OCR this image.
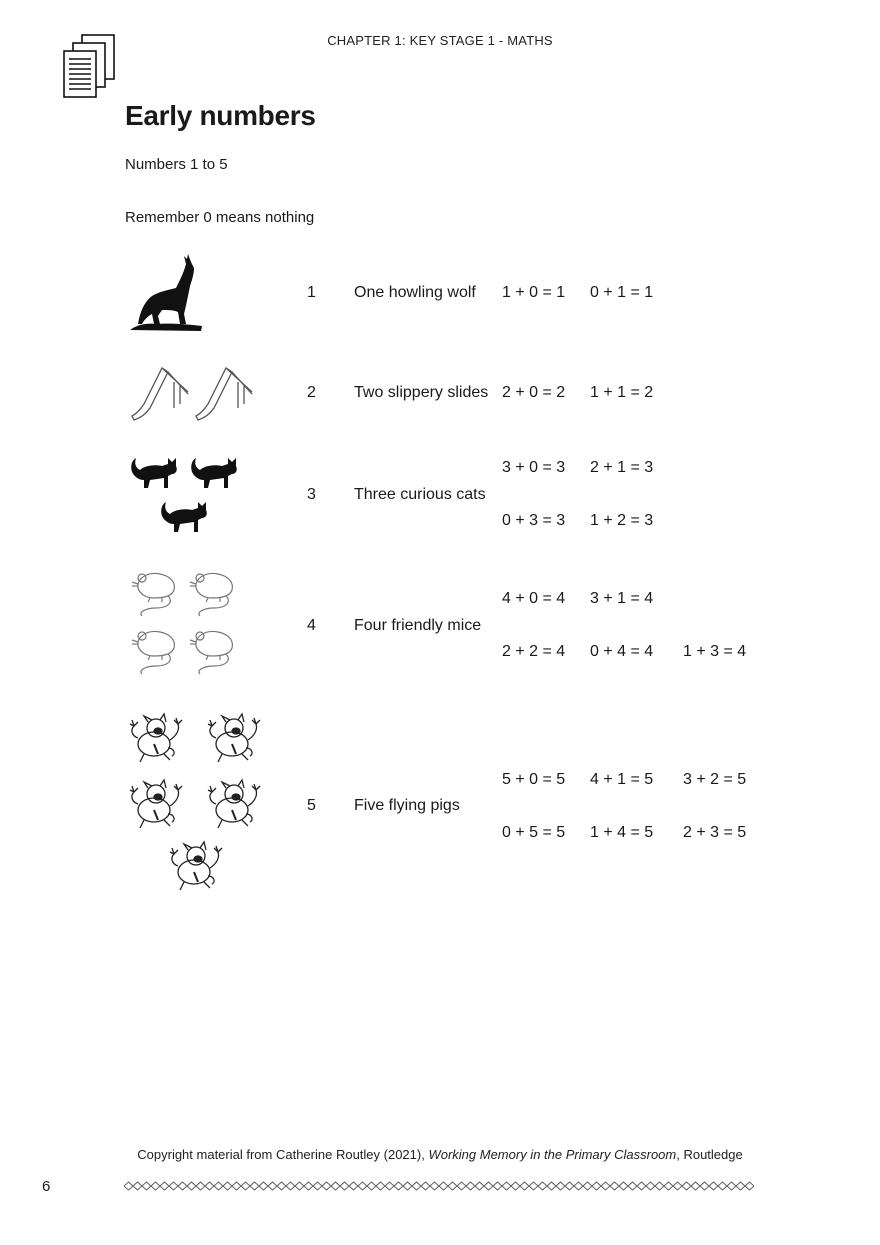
CHAPTER 1: KEY STAGE 1 - MATHS
Early numbers
Numbers 1 to 5
Remember 0 means nothing
1 One howling wolf 1 + 0 = 1 0 + 1 = 1
2 Two slippery slides 2 + 0 = 2 1 + 1 = 2
3 Three curious cats
3 + 0 = 3 2 + 1 = 3
0 + 3 = 3 1 + 2 = 3
4 Four friendly mice
4 + 0 = 4 3 + 1 = 4
2 + 2 = 4 0 + 4 = 4 1 + 3 = 4
5 Five flying pigs
5 + 0 = 5 4 + 1 = 5 3 + 2 = 5
0 + 5 = 5 1 + 4 = 5 2 + 3 = 5
Copyright material from Catherine Routley (2021), Working Memory in the Primary Classroom, Routledge
6
